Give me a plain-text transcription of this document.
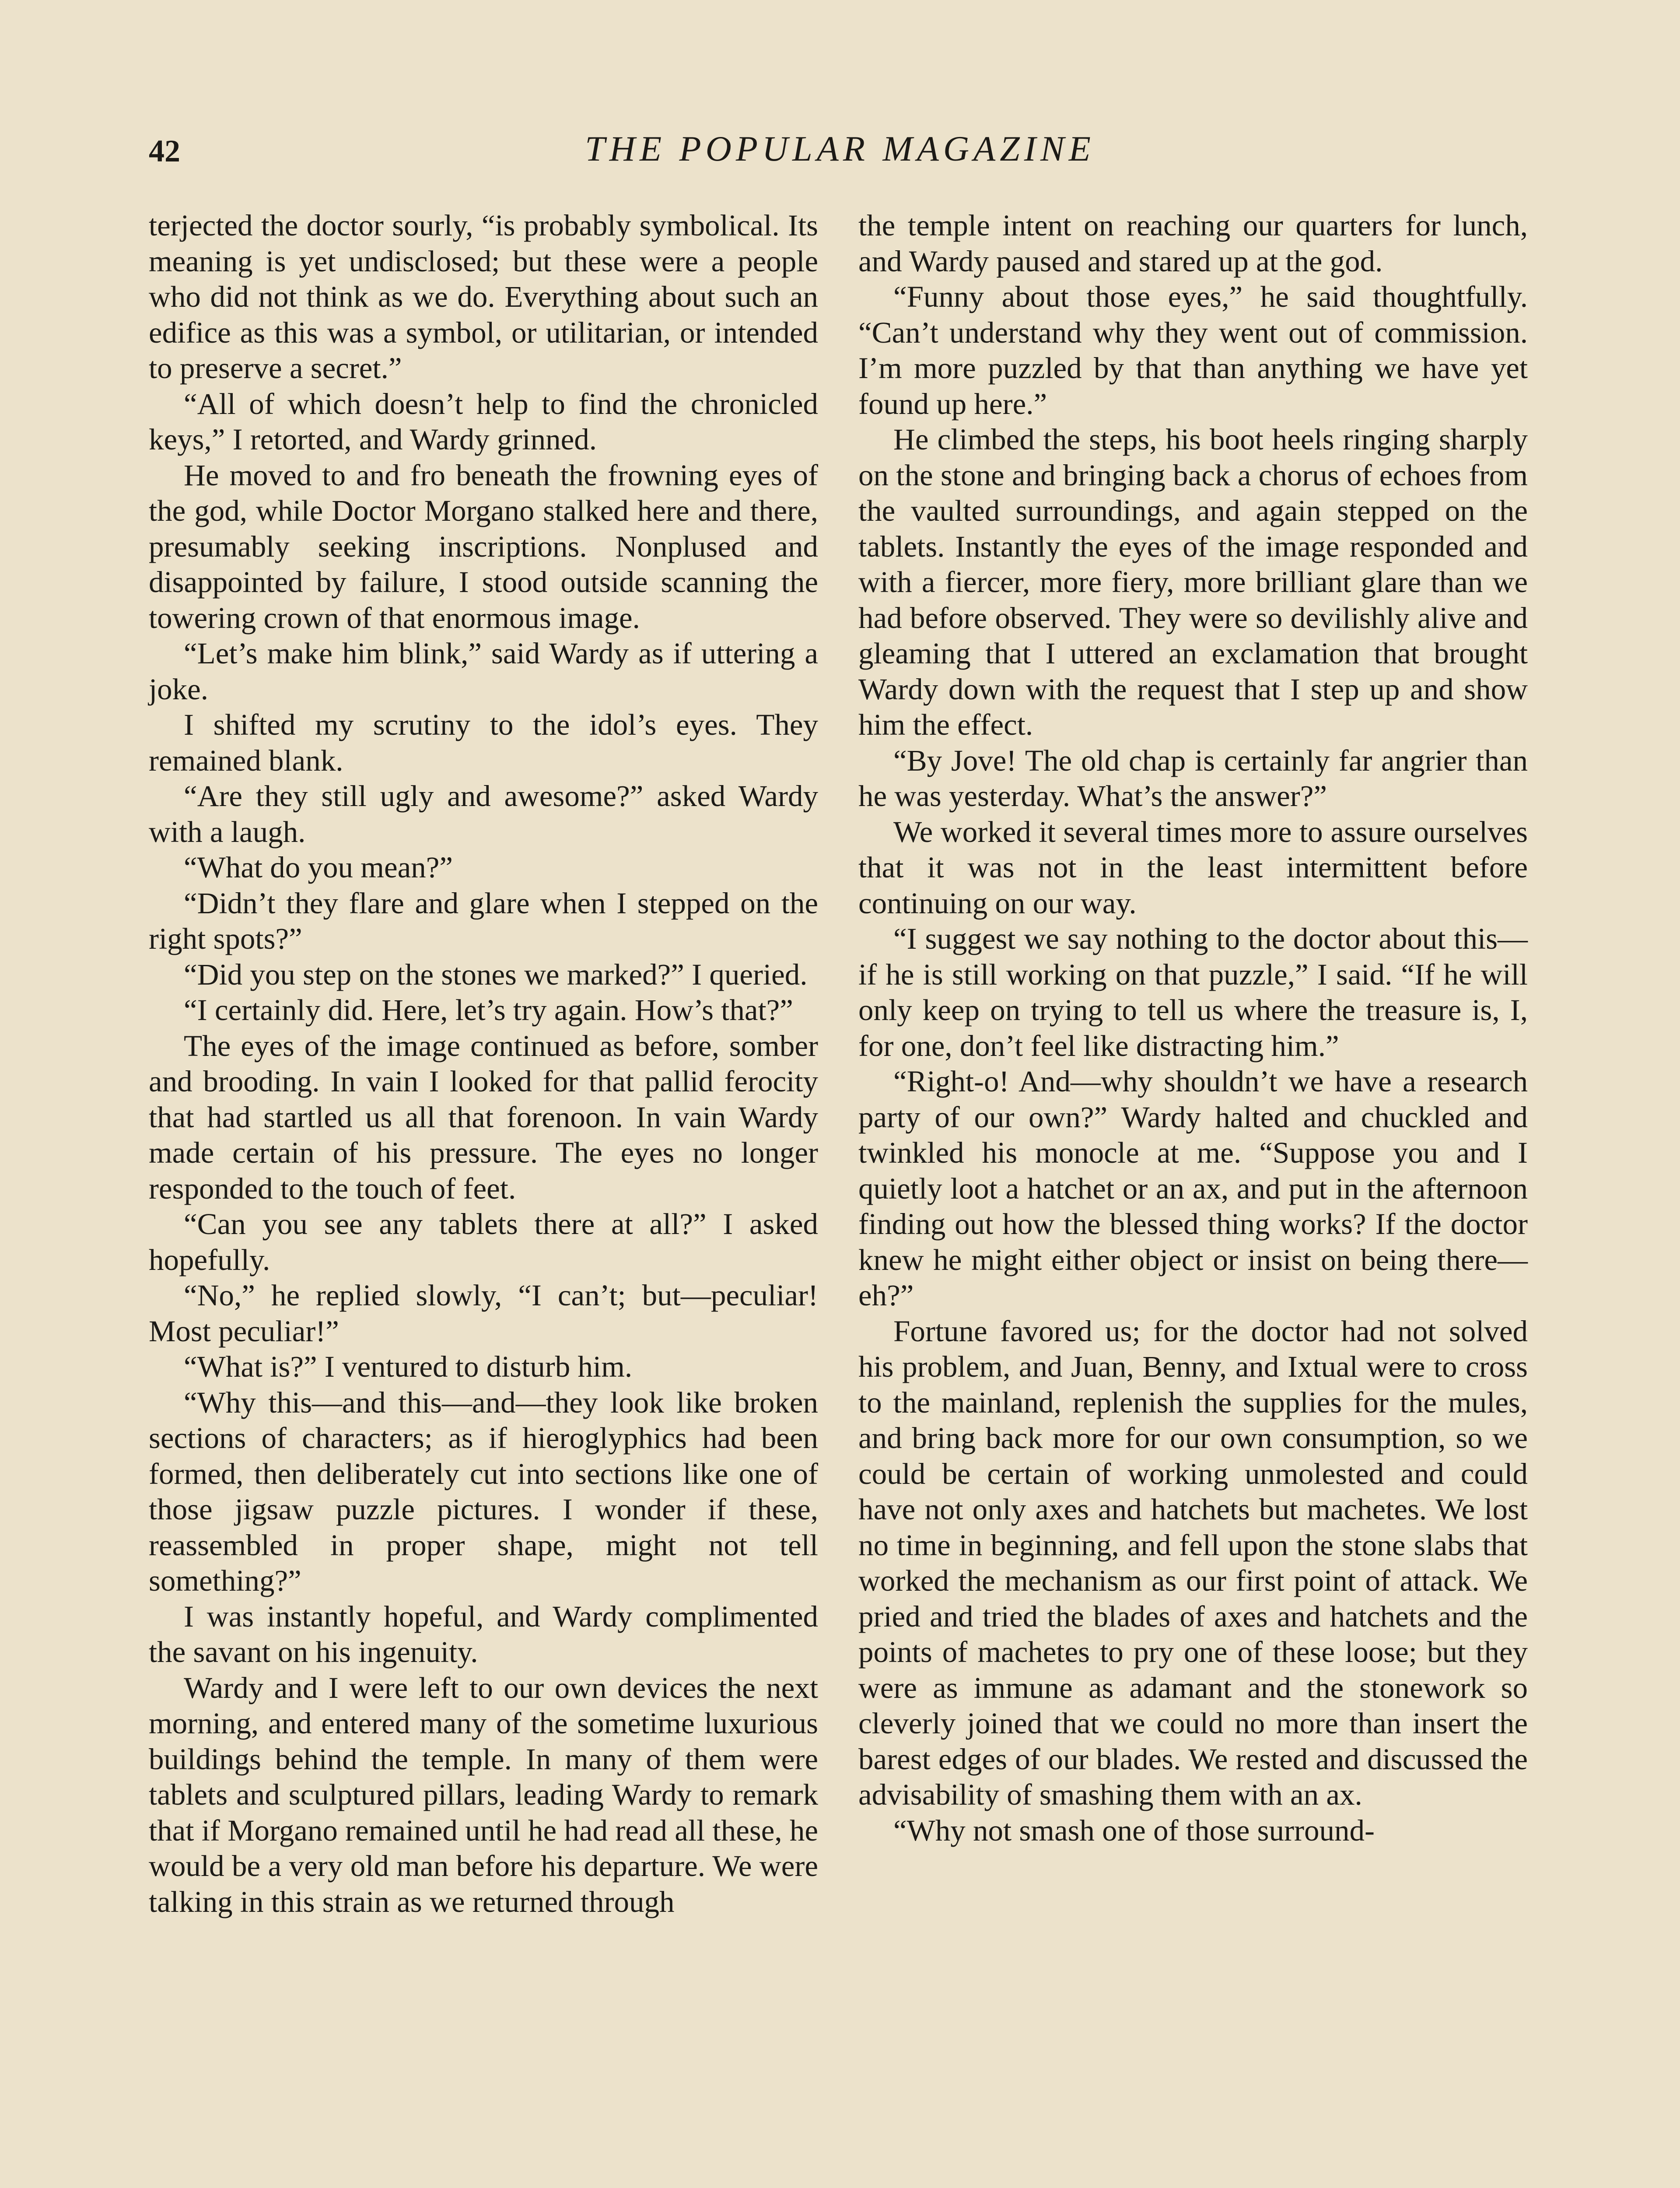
42	THE POPULAR MAGAZINE

terjected the doctor sourly, “is probably symbolical. Its meaning is yet undisclosed; but these were a people who did not think as we do. Everything about such an edifice as this was a symbol, or utilitarian, or intended to preserve a secret.”

“All of which doesn’t help to find the chronicled keys,” I retorted, and Wardy grinned.

He moved to and fro beneath the frowning eyes of the god, while Doctor Morgano stalked here and there, presumably seeking inscriptions. Nonplused and disappointed by failure, I stood outside scanning the towering crown of that enormous image.

“Let’s make him blink,” said Wardy as if uttering a joke.

I shifted my scrutiny to the idol’s eyes. They remained blank.

“Are they still ugly and awesome?” asked Wardy with a laugh.

“What do you mean?”

“Didn’t they flare and glare when I stepped on the right spots?”

“Did you step on the stones we marked?” I queried.

“I certainly did. Here, let’s try again. How’s that?”

The eyes of the image continued as before, somber and brooding. In vain I looked for that pallid ferocity that had startled us all that forenoon. In vain Wardy made certain of his pressure. The eyes no longer responded to the touch of feet.

“Can you see any tablets there at all?” I asked hopefully.

“No,” he replied slowly, “I can’t; but—peculiar! Most peculiar!”

“What is?” I ventured to disturb him.

“Why this—and this—and—they look like broken sections of characters; as if hieroglyphics had been formed, then deliberately cut into sections like one of those jigsaw puzzle pictures. I wonder if these, reassembled in proper shape, might not tell something?”

I was instantly hopeful, and Wardy complimented the savant on his ingenuity.

Wardy and I were left to our own devices the next morning, and entered many of the sometime luxurious buildings behind the temple. In many of them were tablets and sculptured pillars, leading Wardy to remark that if Morgano remained until he had read all these, he would be a very old man before his departure. We were talking in this strain as we returned through

the temple intent on reaching our quarters for lunch, and Wardy paused and stared up at the god.

“Funny about those eyes,” he said thoughtfully. “Can’t understand why they went out of commission. I’m more puzzled by that than anything we have yet found up here.”

He climbed the steps, his boot heels ringing sharply on the stone and bringing back a chorus of echoes from the vaulted surroundings, and again stepped on the tablets. Instantly the eyes of the image responded and with a fiercer, more fiery, more brilliant glare than we had before observed. They were so devilishly alive and gleaming that I uttered an exclamation that brought Wardy down with the request that I step up and show him the effect.

“By Jove! The old chap is certainly far angrier than he was yesterday. What’s the answer?”

We worked it several times more to assure ourselves that it was not in the least intermittent before continuing on our way.

“I suggest we say nothing to the doctor about this—if he is still working on that puzzle,” I said. “If he will only keep on trying to tell us where the treasure is, I, for one, don’t feel like distracting him.”

“Right-o! And—why shouldn’t we have a research party of our own?” Wardy halted and chuckled and twinkled his monocle at me. “Suppose you and I quietly loot a hatchet or an ax, and put in the afternoon finding out how the blessed thing works? If the doctor knew he might either object or insist on being there—eh?”

Fortune favored us; for the doctor had not solved his problem, and Juan, Benny, and Ixtual were to cross to the mainland, replenish the supplies for the mules, and bring back more for our own consumption, so we could be certain of working unmolested and could have not only axes and hatchets but machetes. We lost no time in beginning, and fell upon the stone slabs that worked the mechanism as our first point of attack. We pried and tried the blades of axes and hatchets and the points of machetes to pry one of these loose; but they were as immune as adamant and the stonework so cleverly joined that we could no more than insert the barest edges of our blades. We rested and discussed the advisability of smashing them with an ax.

“Why not smash one of those surround-
